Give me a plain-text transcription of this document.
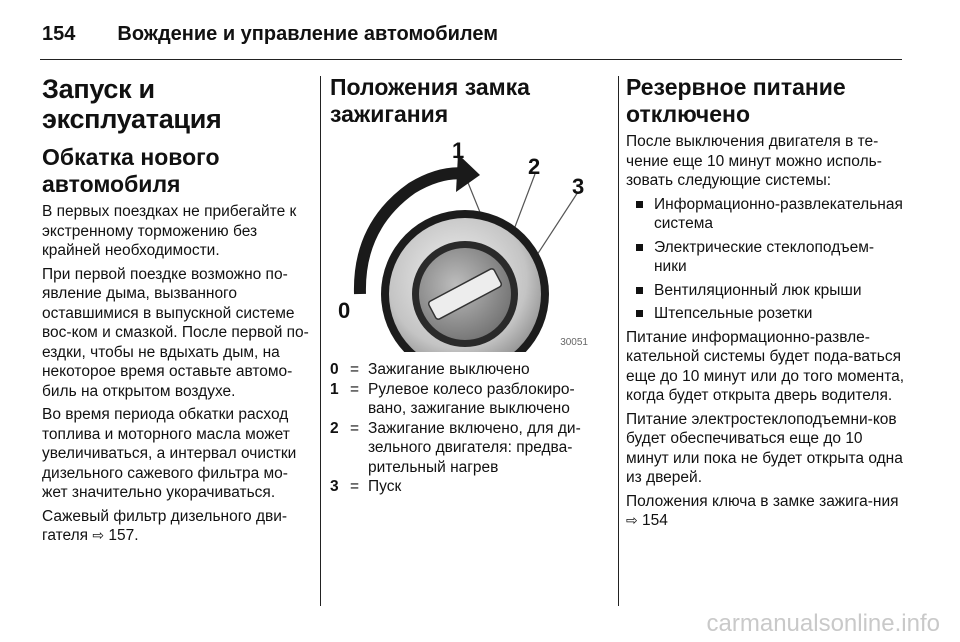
154 Вождение и управление автомобилем
Запуск и эксплуатация
Обкатка нового
автомобиля

В первых поездках не прибегайте к экстренному торможению без крайней необходимости.

При первой поездке возможно по-явление дыма, вызванного оставшимися в выпускной системе вос-ком и смазкой. После первой по-ездки, чтобы не вдыхать дым, на некоторое время оставьте автомо-биль на открытом воздухе.

Во время периода обкатки расход топлива и моторного масла может увеличиваться, а интервал очистки дизельного сажевого фильтра мо-жет значительно укорачиваться.

Сажевый фильтр дизельного дви-гателя ⇨ 157.

Положения замка
зажигания
0
1
2
3
30051
0 = Зажигание выключено
1 = Рулевое колесо разблокиро-вано, зажигание выключено
2 = Зажигание включено, для ди-зельного двигателя: предва-рительный нагрев
3 = Пуск
Резервное питание
отключено

После выключения двигателя в те-чение еще 10 минут можно исполь-зовать следующие системы:

Информационно-развлекательная система
Электрические стеклоподъем-ники
Вентиляционный люк крыши
Штепсельные розетки

Питание информационно-развле-кательной системы будет пода-ваться еще до 10 минут или до того момента, когда будет открыта дверь водителя.

Питание электростеклоподъемни-ков будет обеспечиваться еще до 10 минут или пока не будет открыта одна из дверей.

Положения ключа в замке зажига-ния ⇨ 154

carmanualsonline.info
